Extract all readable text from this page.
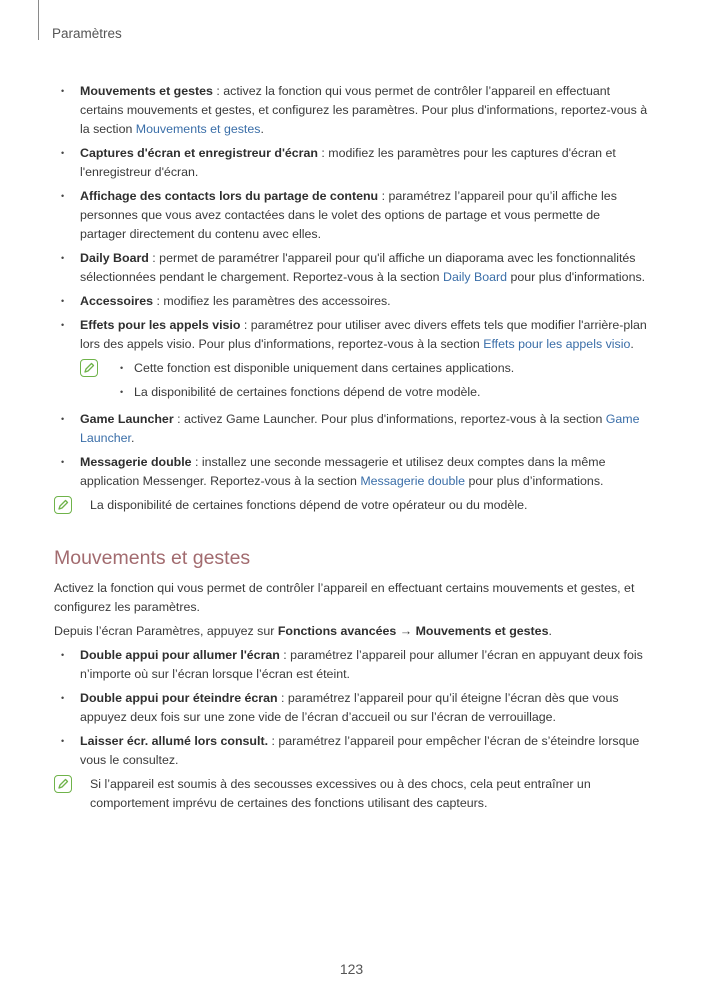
Paramètres
• Mouvements et gestes : activez la fonction qui vous permet de contrôler l’appareil en effectuant certains mouvements et gestes, et configurez les paramètres. Pour plus d'informations, reportez-vous à la section Mouvements et gestes.
• Captures d'écran et enregistreur d'écran : modifiez les paramètres pour les captures d'écran et l'enregistreur d'écran.
• Affichage des contacts lors du partage de contenu : paramétrez l’appareil pour qu’il affiche les personnes que vous avez contactées dans le volet des options de partage et vous permette de partager directement du contenu avec elles.
• Daily Board : permet de paramétrer l'appareil pour qu'il affiche un diaporama avec les fonctionnalités sélectionnées pendant le chargement. Reportez-vous à la section Daily Board pour plus d'informations.
• Accessoires : modifiez les paramètres des accessoires.
• Effets pour les appels visio : paramétrez pour utiliser avec divers effets tels que modifier l'arrière-plan lors des appels visio. Pour plus d'informations, reportez-vous à la section Effets pour les appels visio.
• Cette fonction est disponible uniquement dans certaines applications.
• La disponibilité de certaines fonctions dépend de votre modèle.
• Game Launcher : activez Game Launcher. Pour plus d'informations, reportez-vous à la section Game Launcher.
• Messagerie double : installez une seconde messagerie et utilisez deux comptes dans la même application Messenger. Reportez-vous à la section Messagerie double pour plus d’informations.
La disponibilité de certaines fonctions dépend de votre opérateur ou du modèle.
Mouvements et gestes

Activez la fonction qui vous permet de contrôler l’appareil en effectuant certains mouvements et gestes, et configurez les paramètres.

Depuis l’écran Paramètres, appuyez sur Fonctions avancées → Mouvements et gestes.

• Double appui pour allumer l'écran : paramétrez l’appareil pour allumer l’écran en appuyant deux fois n’importe où sur l’écran lorsque l’écran est éteint.
• Double appui pour éteindre écran : paramétrez l’appareil pour qu’il éteigne l’écran dès que vous appuyez deux fois sur une zone vide de l’écran d’accueil ou sur l’écran de verrouillage.
• Laisser écr. allumé lors consult. : paramétrez l’appareil pour empêcher l’écran de s’éteindre lorsque vous le consultez.
Si l’appareil est soumis à des secousses excessives ou à des chocs, cela peut entraîner un comportement imprévu de certaines des fonctions utilisant des capteurs.
123
